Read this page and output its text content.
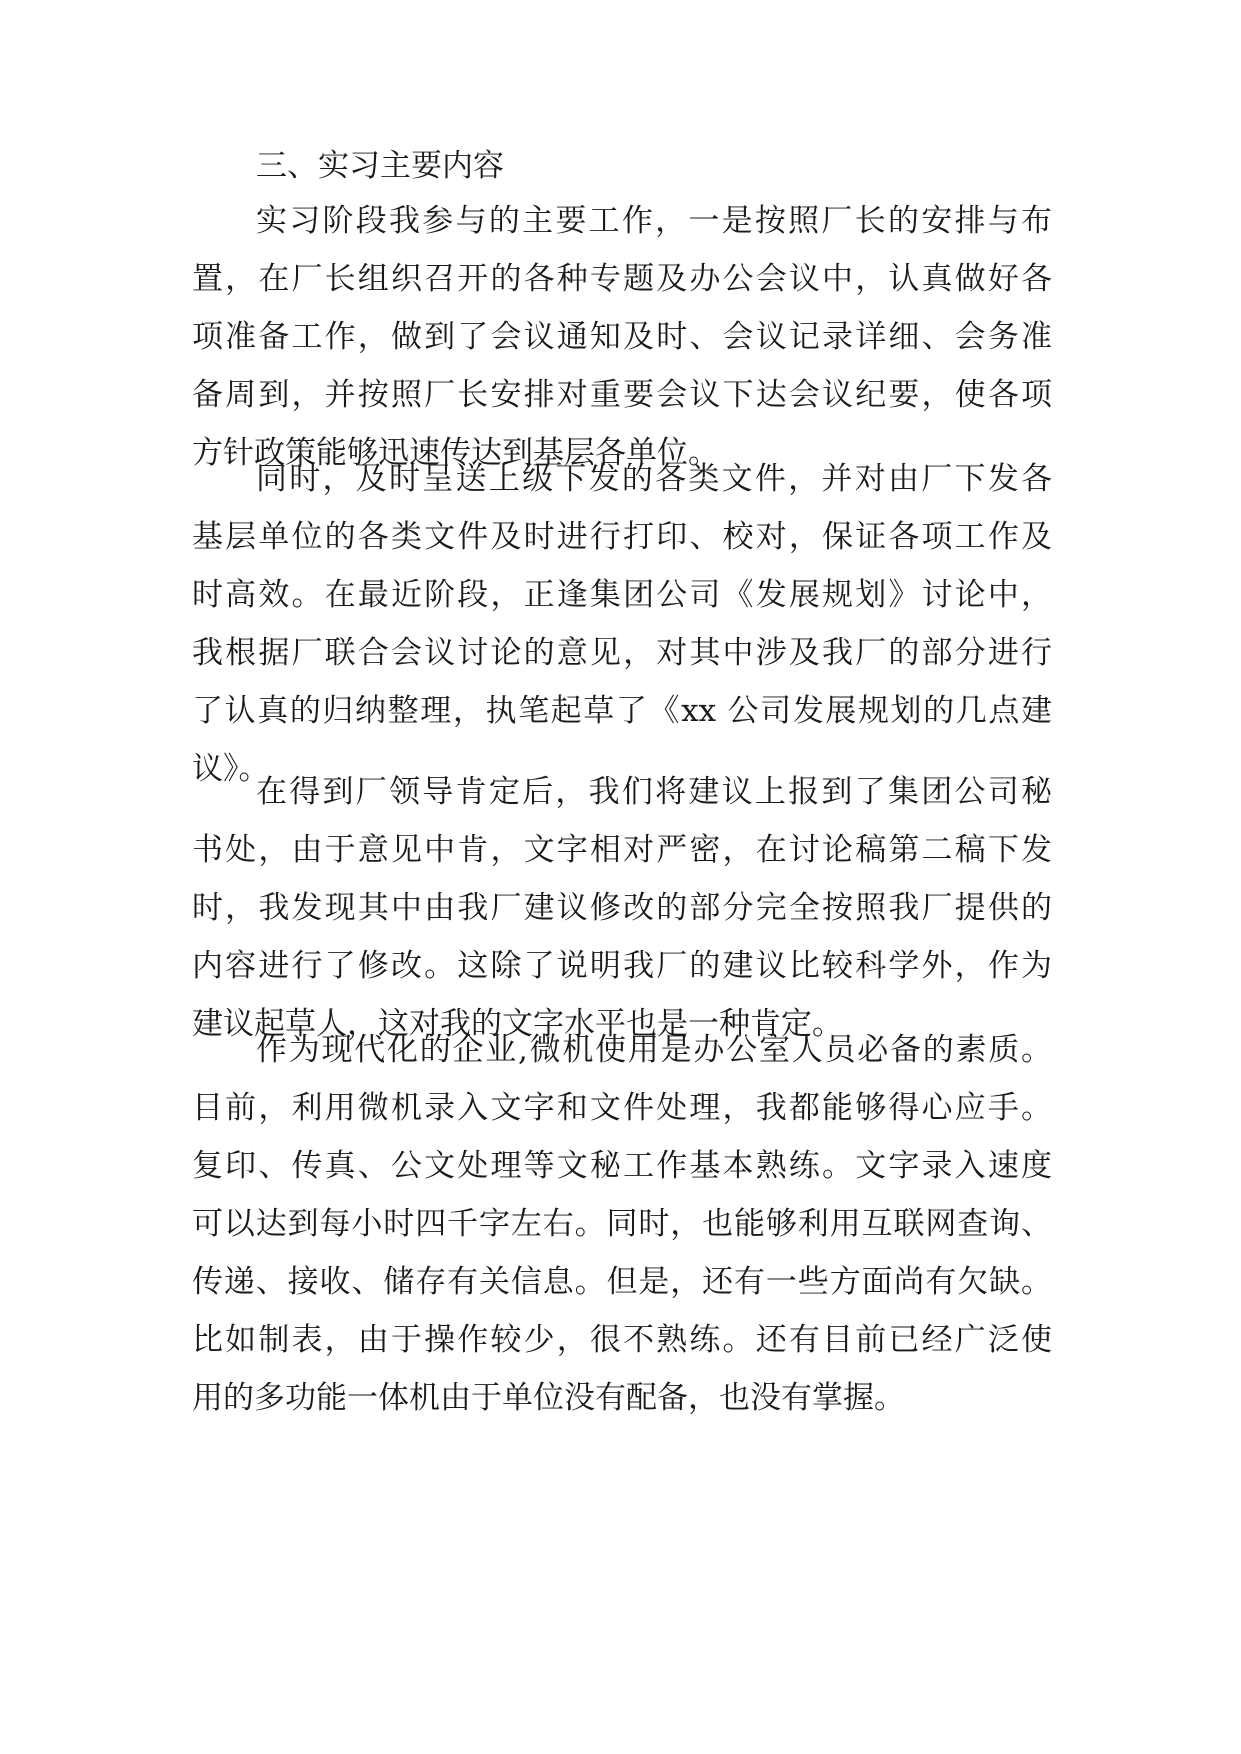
三、实习主要内容
实习阶段我参与的主要工作，一是按照厂长的安排与布
置，在厂长组织召开的各种专题及办公会议中，认真做好各
项准备工作，做到了会议通知及时、会议记录详细、会务准
备周到，并按照厂长安排对重要会议下达会议纪要，使各项
方针政策能够迅速传达到基层各单位。
同时，及时呈送上级下发的各类文件，并对由厂下发各
基层单位的各类文件及时进行打印、校对，保证各项工作及
时高效。在最近阶段，正逢集团公司《发展规划》讨论中，
我根据厂联合会议讨论的意见，对其中涉及我厂的部分进行
了认真的归纳整理，执笔起草了《xx 公司发展规划的几点建
议》。
在得到厂领导肯定后，我们将建议上报到了集团公司秘
书处，由于意见中肯，文字相对严密，在讨论稿第二稿下发
时，我发现其中由我厂建议修改的部分完全按照我厂提供的
内容进行了修改。这除了说明我厂的建议比较科学外，作为
建议起草人，这对我的文字水平也是一种肯定。
作为现代化的企业,微机使用是办公室人员必备的素质。
目前，利用微机录入文字和文件处理，我都能够得心应手。
复印、传真、公文处理等文秘工作基本熟练。文字录入速度
可以达到每小时四千字左右。同时，也能够利用互联网查询、
传递、接收、储存有关信息。但是，还有一些方面尚有欠缺。
比如制表，由于操作较少，很不熟练。还有目前已经广泛使
用的多功能一体机由于单位没有配备，也没有掌握。
